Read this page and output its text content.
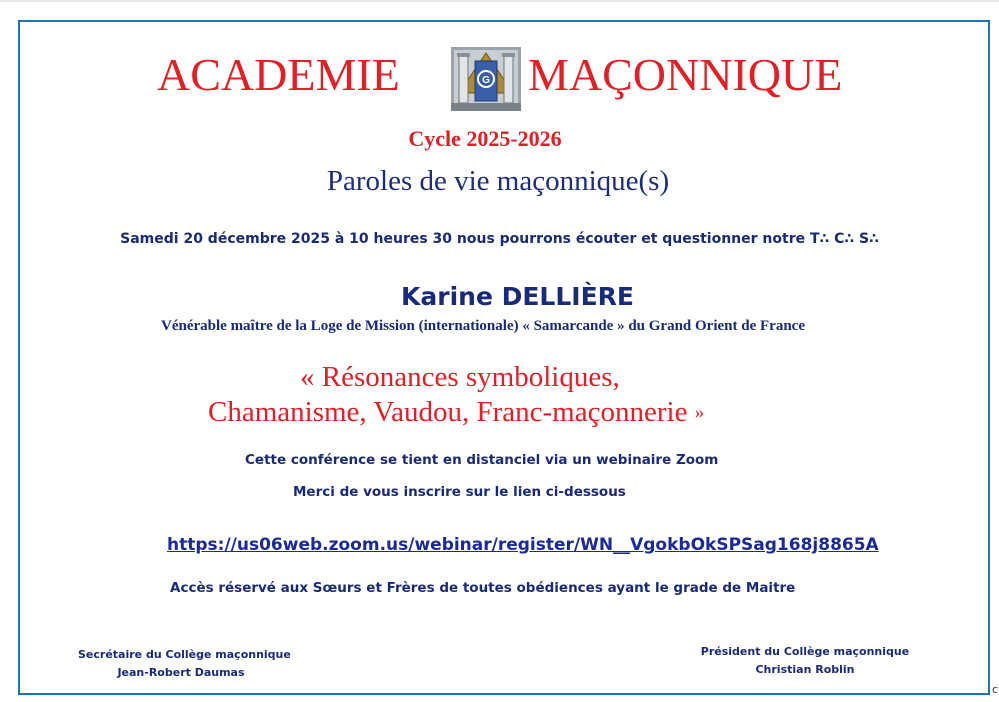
ACADEMIE	G MAÇONNIQUE
Cycle 2025-2026
Paroles de vie maçonnique(s)
Samedi 20 décembre 2025 à 10 heures 30 nous pourrons écouter et questionner notre T∴ C∴ S∴
Karine DELLIÈRE
Vénérable maître de la Loge de Mission (internationale) « Samarcande » du Grand Orient de France
« Résonances symboliques,
Chamanisme, Vaudou, Franc-maçonnerie »
Cette conférence se tient en distanciel via un webinaire Zoom
Merci de vous inscrire sur le lien ci-dessous
https://us06web.zoom.us/webinar/register/WN__VgokbOkSPSag168j8865A
Accès réservé aux Sœurs et Frères de toutes obédiences ayant le grade de Maitre
Secrétaire du Collège maçonnique
Jean-Robert Daumas
Président du Collège maçonnique
Christian Roblin
c
